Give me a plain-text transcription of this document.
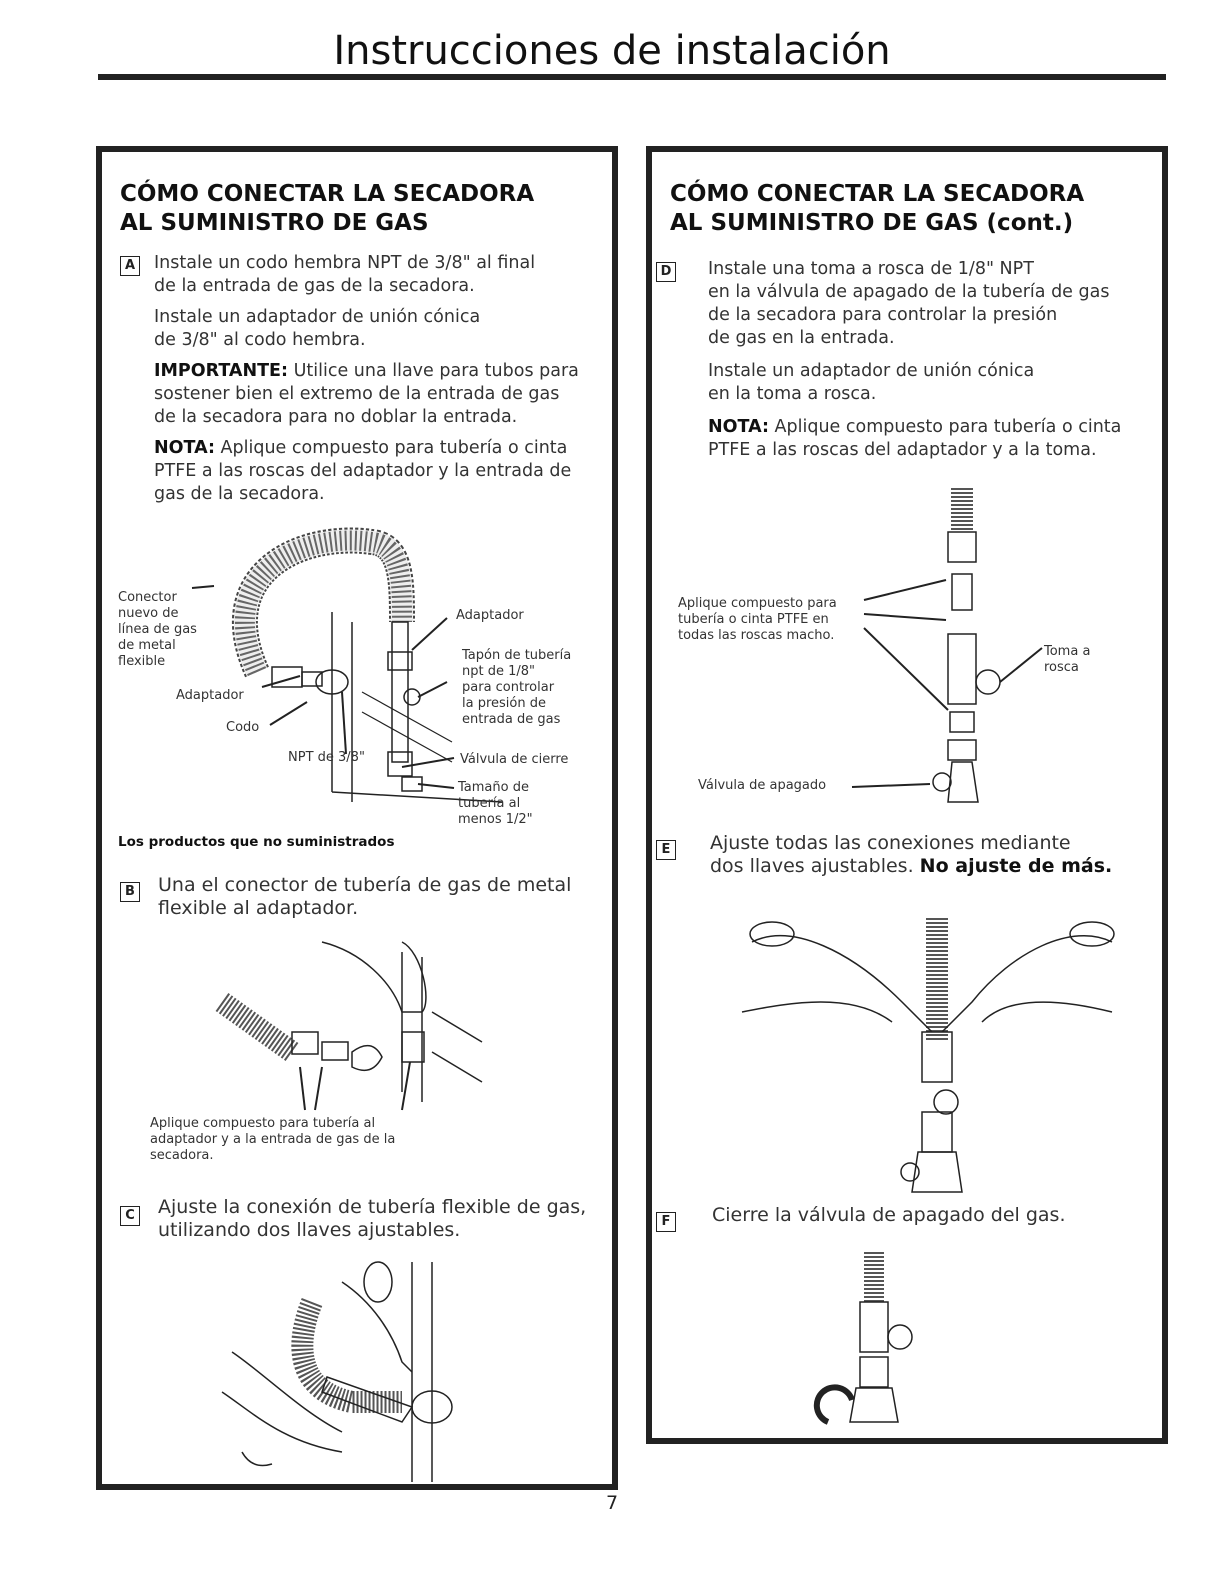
Instrucciones de instalación
CÓMO CONECTAR LA SECADORA
AL SUMINISTRO DE GAS
A Instale un codo hembra NPT de 3/8" al final
de la entrada de gas de la secadora.
Instale un adaptador de unión cónica
de 3/8" al codo hembra.
IMPORTANTE: Utilice una llave para tubos para
sostener bien el extremo de la entrada de gas
de la secadora para no doblar la entrada.
NOTA: Aplique compuesto para tubería o cinta
PTFE a las roscas del adaptador y la entrada de
gas de la secadora.
Conector
nuevo de
línea de gas
de metal
flexible
Adaptador
Codo
NPT de 3/8"
Adaptador
Tapón de tubería
npt de 1/8"
para controlar
la presión de
entrada de gas
Válvula de cierre
Tamaño de
tubería al
menos 1/2"
Los productos que no suministrados
B Una el conector de tubería de gas de metal
flexible al adaptador.
Aplique compuesto para tubería al
adaptador y a la entrada de gas de la
secadora.
C Ajuste la conexión de tubería flexible de gas,
utilizando dos llaves ajustables.
CÓMO CONECTAR LA SECADORA
AL SUMINISTRO DE GAS (cont.)
D Instale una toma a rosca de 1/8" NPT
en la válvula de apagado de la tubería de gas
de la secadora para controlar la presión
de gas en la entrada.
Instale un adaptador de unión cónica
en la toma a rosca.
NOTA: Aplique compuesto para tubería o cinta
PTFE a las roscas del adaptador y a la toma.
Aplique compuesto para
tubería o cinta PTFE en
todas las roscas macho.
Toma a
rosca
Válvula de apagado
E Ajuste todas las conexiones mediante
dos llaves ajustables. No ajuste de más.
F Cierre la válvula de apagado del gas.
7
